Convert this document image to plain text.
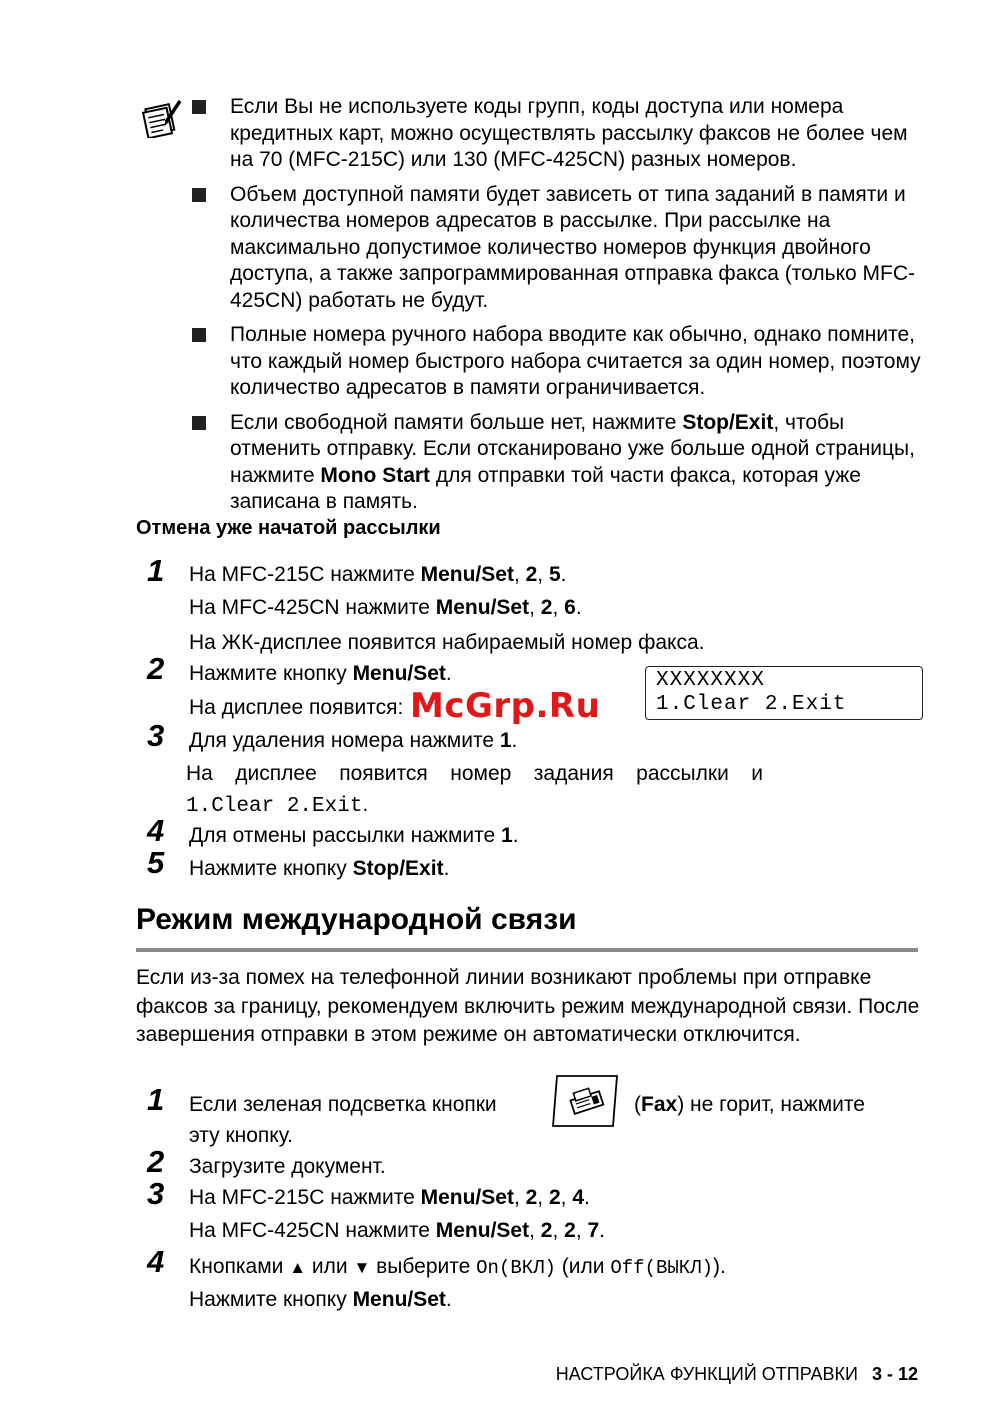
Если Вы не используете коды групп, коды доступа или номера кредитных карт, можно осуществлять рассылку факсов не более чем на 70 (MFC-215C) или 130 (MFC-425CN) разных номеров.
Объем доступной памяти будет зависеть от типа заданий в памяти и количества номеров адресатов в рассылке. При рассылке на максимально допустимое количество номеров функция двойного доступа, а также запрограммированная отправка факса (только MFC-425CN) работать не будут.
Полные номера ручного набора вводите как обычно, однако помните, что каждый номер быстрого набора считается за один номер, поэтому количество адресатов в памяти ограничивается.
Если свободной памяти больше нет, нажмите Stop/Exit, чтобы отменить отправку. Если отсканировано уже больше одной страницы, нажмите Mono Start для отправки той части факса, которая уже записана в память.
Отмена уже начатой рассылки
1	На MFC-215C нажмите Menu/Set, 2, 5.
На MFC-425CN нажмите Menu/Set, 2, 6.
На ЖК-дисплее появится набираемый номер факса.
2	Нажмите кнопку Menu/Set.
На дисплее появится:
XXXXXXXX
1.Clear 2.Exit
McGrp.Ru
3	Для удаления номера нажмите 1.
На дисплее появится номер задания рассылки и
1.Clear 2.Exit.
4	Для отмены рассылки нажмите 1.
5	Нажмите кнопку Stop/Exit.
Режим международной связи
Если из-за помех на телефонной линии возникают проблемы при отправке факсов за границу, рекомендуем включить режим международной связи. После завершения отправки в этом режиме он автоматически отключится.
1	Если зеленая подсветка кнопки	(Fax) не горит, нажмите
эту кнопку.
2	Загрузите документ.
3	На MFC-215C нажмите Menu/Set, 2, 2, 4.
На MFC-425CN нажмите Menu/Set, 2, 2, 7.
4	Кнопками ▲ или ▼ выберите On(ВКЛ) (или Off(ВЫКЛ)).
Нажмите кнопку Menu/Set.
НАСТРОЙКА ФУНКЦИЙ ОТПРАВКИ 3 - 12
